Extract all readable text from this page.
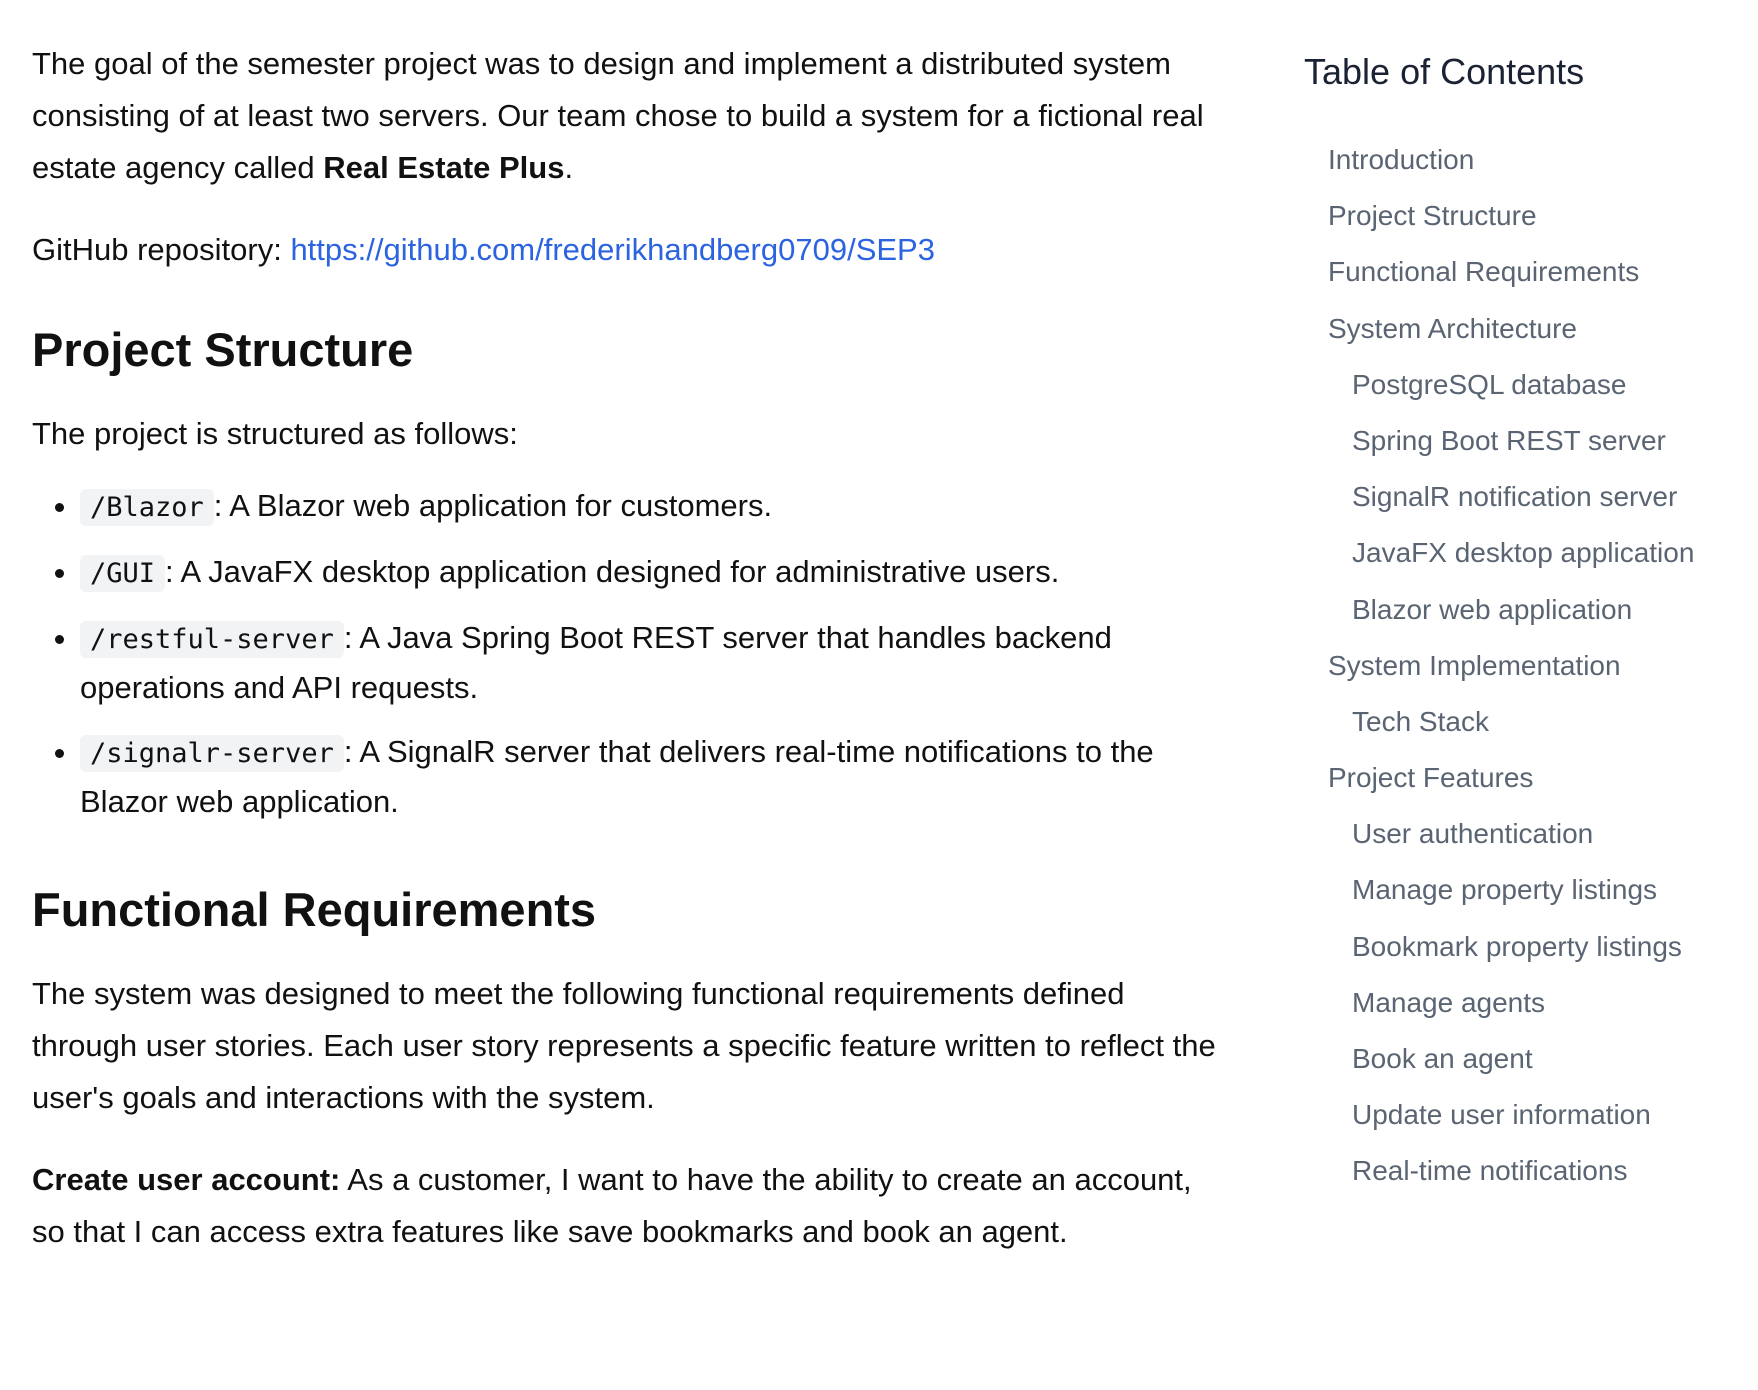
The goal of the semester project was to design and implement a distributed system consisting of at least two servers. Our team chose to build a system for a fictional real estate agency called Real Estate Plus.

GitHub repository: https://github.com/frederikhandberg0709/SEP3

Project Structure

The project is structured as follows:

• /Blazor : A Blazor web application for customers.
• /GUI : A JavaFX desktop application designed for administrative users.
• /restful-server : A Java Spring Boot REST server that handles backend operations and API requests.
• /signalr-server : A SignalR server that delivers real-time notifications to the Blazor web application.
Functional Requirements

The system was designed to meet the following functional requirements defined through user stories. Each user story represents a specific feature written to reflect the user's goals and interactions with the system.

Create user account: As a customer, I want to have the ability to create an account, so that I can access extra features like save bookmarks and book an agent.

Table of Contents
Introduction
Project Structure
Functional Requirements
System Architecture
PostgreSQL database
Spring Boot REST server
SignalR notification server
JavaFX desktop application
Blazor web application
System Implementation
Tech Stack
Project Features
User authentication
Manage property listings
Bookmark property listings
Manage agents
Book an agent
Update user information
Real-time notifications
